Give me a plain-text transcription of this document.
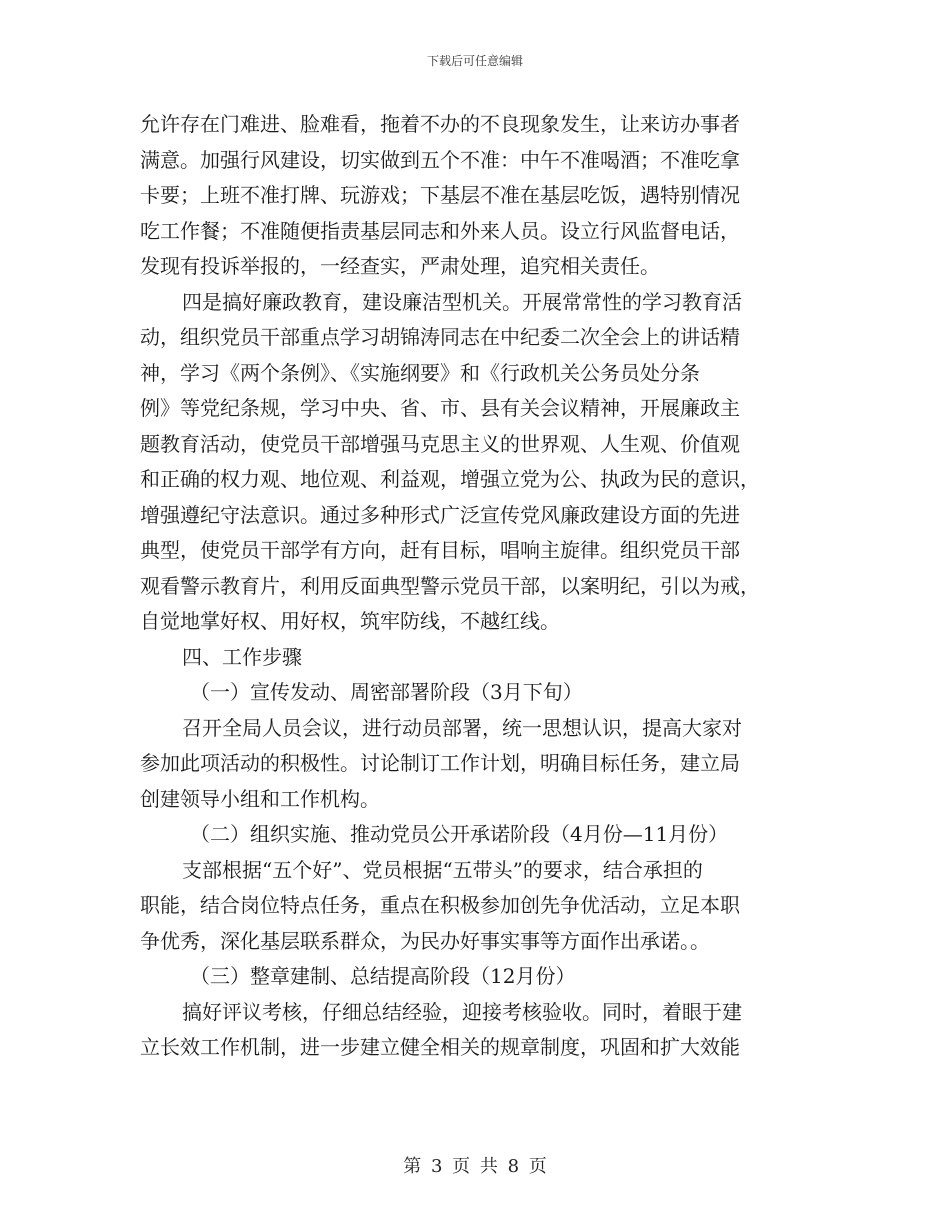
下载后可任意编辑
允许存在门难进、脸难看，拖着不办的不良现象发生，让来访办事者
满意。加强行风建设，切实做到五个不准：中午不准喝酒；不准吃拿
卡要；上班不准打牌、玩游戏；下基层不准在基层吃饭，遇特别情况
吃工作餐；不准随便指责基层同志和外来人员。设立行风监督电话，
发现有投诉举报的，一经查实，严肃处理，追究相关责任。
四是搞好廉政教育，建设廉洁型机关。开展常常性的学习教育活
动，组织党员干部重点学习胡锦涛同志在中纪委二次全会上的讲话精
神，学习《两个条例》、《实施纲要》和《行政机关公务员处分条
例》等党纪条规，学习中央、省、市、县有关会议精神，开展廉政主
题教育活动，使党员干部增强马克思主义的世界观、人生观、价值观
和正确的权力观、地位观、利益观，增强立党为公、执政为民的意识，
增强遵纪守法意识。通过多种形式广泛宣传党风廉政建设方面的先进
典型，使党员干部学有方向，赶有目标，唱响主旋律。组织党员干部
观看警示教育片，利用反面典型警示党员干部，以案明纪，引以为戒，
自觉地掌好权、用好权，筑牢防线，不越红线。
四、工作步骤
（一）宣传发动、周密部署阶段（3月下旬）
召开全局人员会议，进行动员部署，统一思想认识，提高大家对
参加此项活动的积极性。讨论制订工作计划，明确目标任务，建立局
创建领导小组和工作机构。
（二）组织实施、推动党员公开承诺阶段（4月份—11月份）
支部根据“五个好”、党员根据“五带头”的要求，结合承担的
职能，结合岗位特点任务，重点在积极参加创先争优活动，立足本职
争优秀，深化基层联系群众，为民办好事实事等方面作出承诺。。
（三）整章建制、总结提高阶段（12月份）
搞好评议考核，仔细总结经验，迎接考核验收。同时，着眼于建
立长效工作机制，进一步建立健全相关的规章制度，巩固和扩大效能
第 3 页 共 8 页
